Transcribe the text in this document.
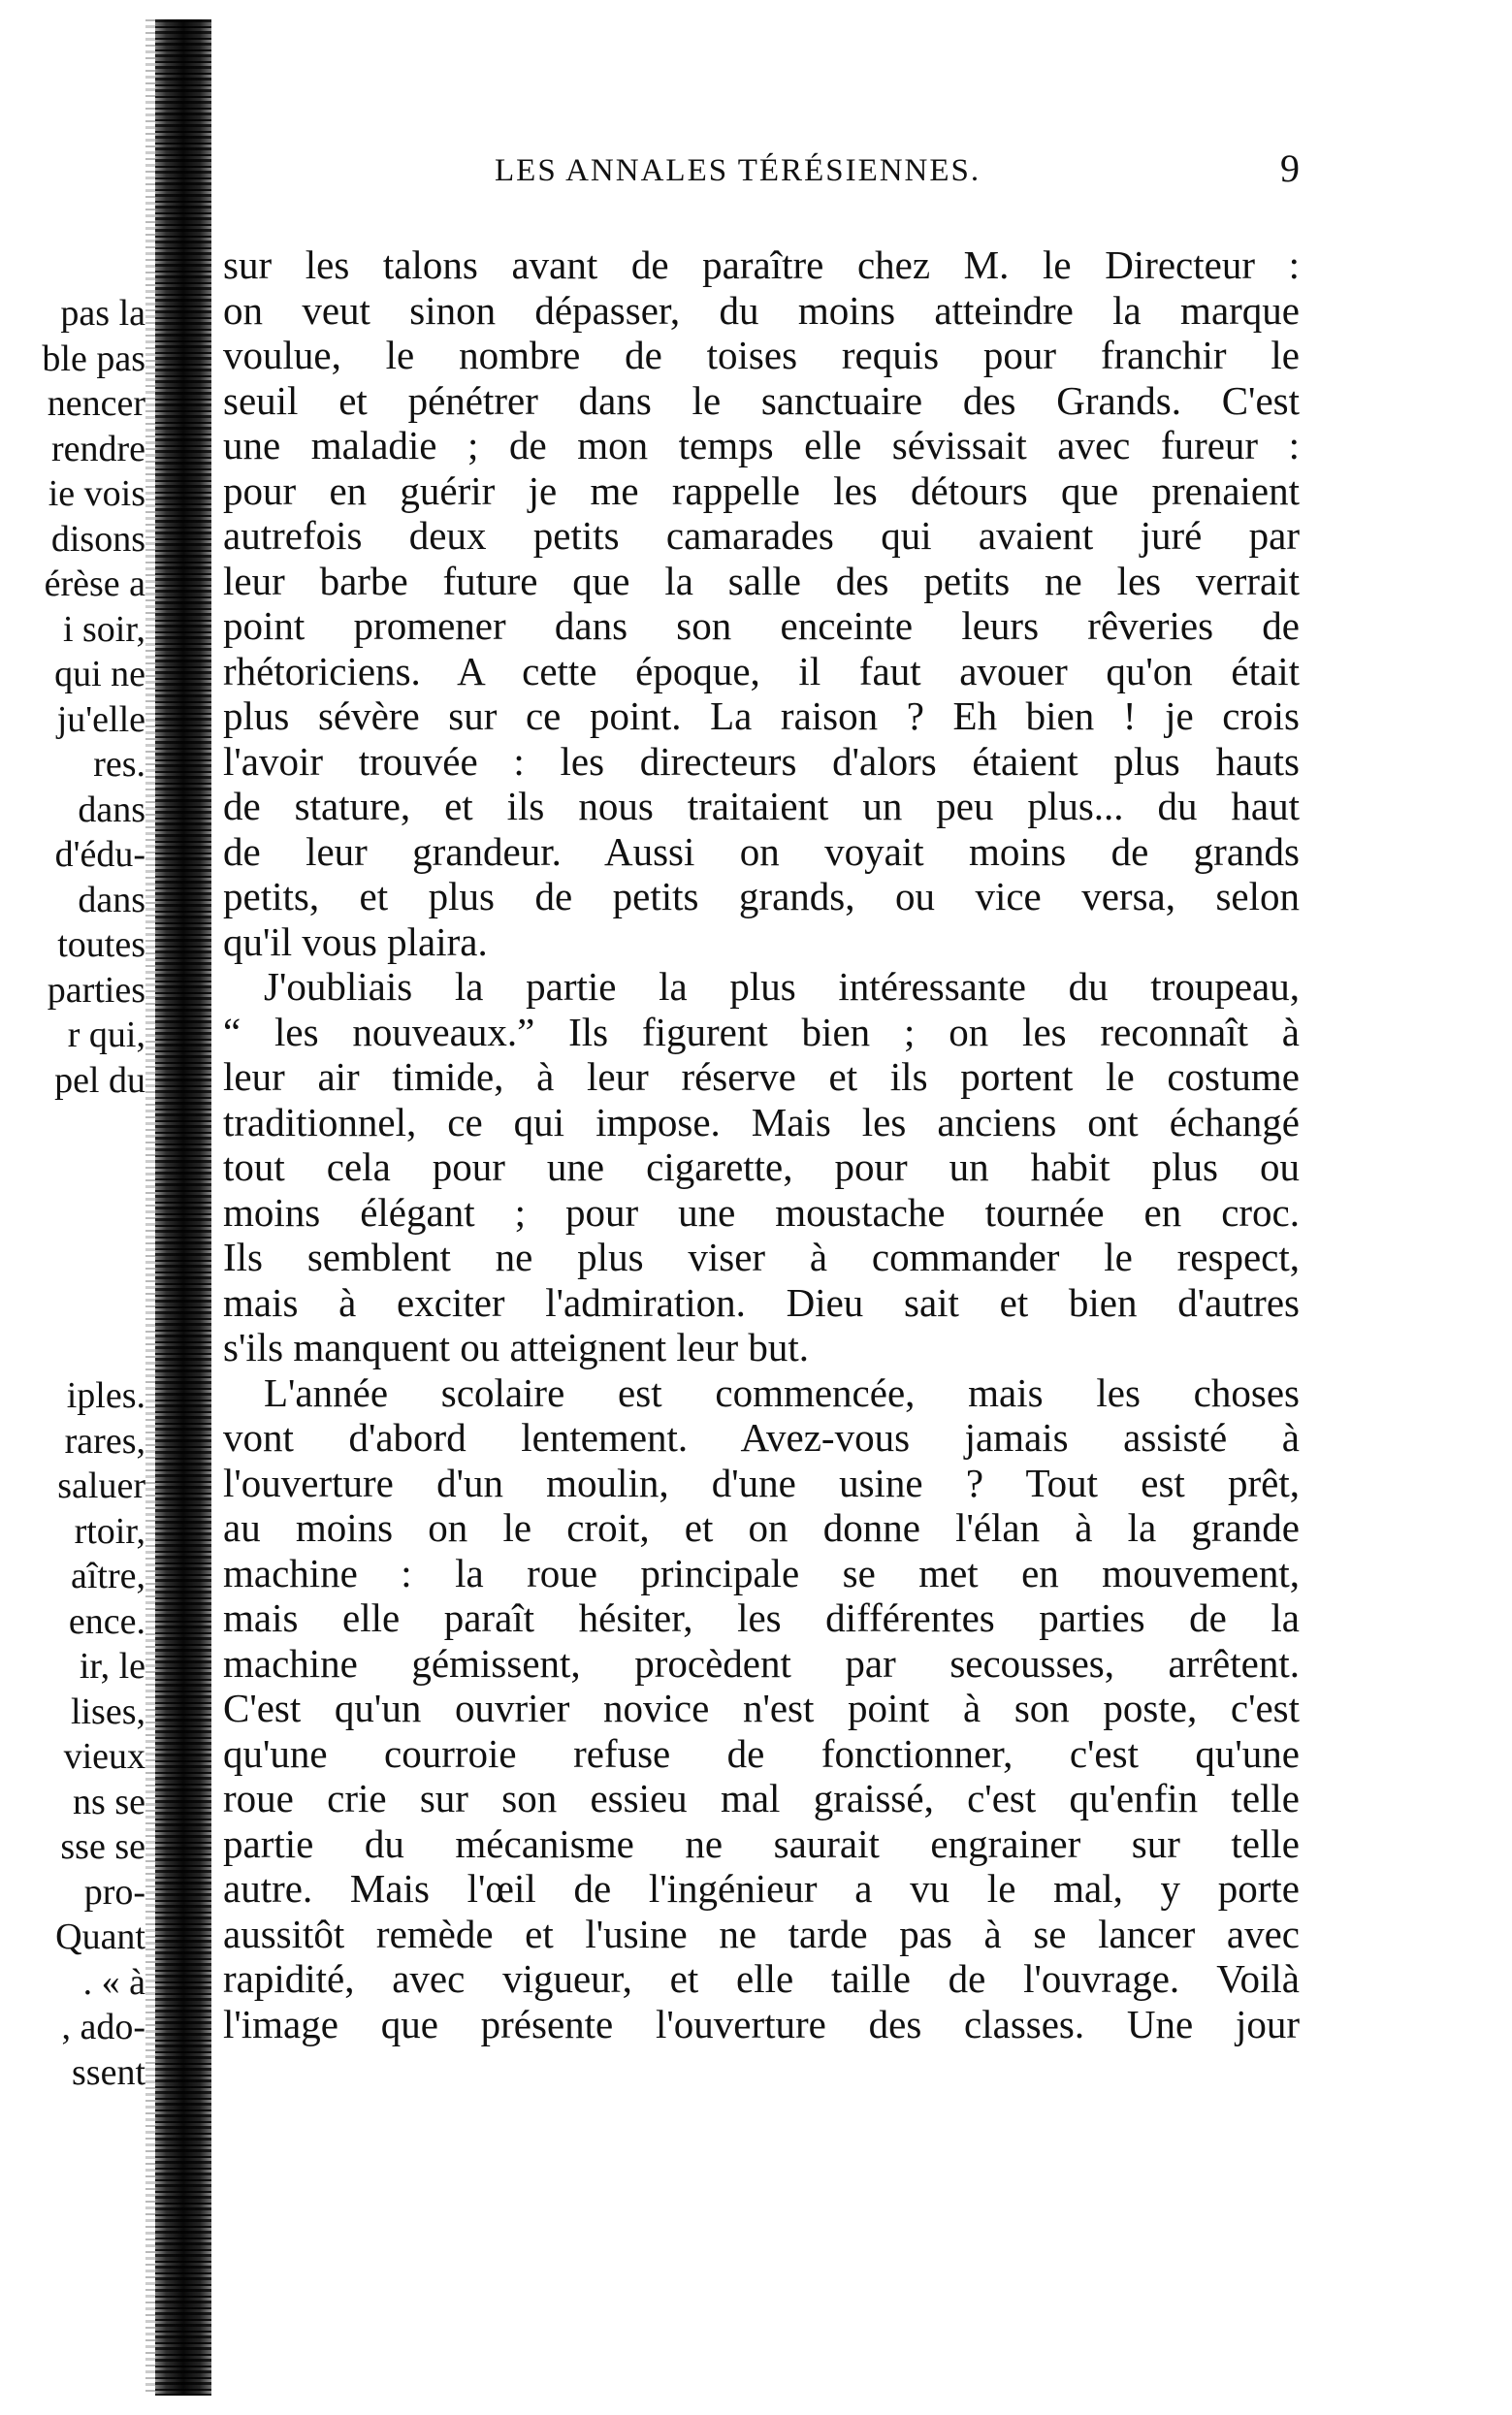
pas la
ble pas
nencer
rendre
ie vois
disons
érèse a
i soir,
qui ne
ju'elle
res.
dans
d'édu-
dans
toutes
parties
r qui,
pel du
iples.
rares,
saluer
rtoir,
aître,
ence.
ir, le
lises,
vieux
ns se
sse se
pro-
Quant
. « à
, ado-
ssent
LES ANNALES TÉRÉSIENNES.	9
sur les talons avant de paraître chez M. le Directeur :
on veut sinon dépasser, du moins atteindre la marque
voulue, le nombre de toises requis pour franchir le
seuil et pénétrer dans le sanctuaire des Grands. C'est
une maladie ; de mon temps elle sévissait avec fureur :
pour en guérir je me rappelle les détours que prenaient
autrefois deux petits camarades qui avaient juré par
leur barbe future que la salle des petits ne les verrait
point promener dans son enceinte leurs rêveries de
rhétoriciens. A cette époque, il faut avouer qu'on était
plus sévère sur ce point. La raison ? Eh bien ! je crois
l'avoir trouvée : les directeurs d'alors étaient plus hauts
de stature, et ils nous traitaient un peu plus... du haut
de leur grandeur. Aussi on voyait moins de grands
petits, et plus de petits grands, ou vice versa, selon
qu'il vous plaira.
J'oubliais la partie la plus intéressante du troupeau,
“ les nouveaux.” Ils figurent bien ; on les reconnaît à
leur air timide, à leur réserve et ils portent le costume
traditionnel, ce qui impose. Mais les anciens ont échangé
tout cela pour une cigarette, pour un habit plus ou
moins élégant ; pour une moustache tournée en croc.
Ils semblent ne plus viser à commander le respect,
mais à exciter l'admiration. Dieu sait et bien d'autres
s'ils manquent ou atteignent leur but.
L'année scolaire est commencée, mais les choses
vont d'abord lentement. Avez-vous jamais assisté à
l'ouverture d'un moulin, d'une usine ? Tout est prêt,
au moins on le croit, et on donne l'élan à la grande
machine : la roue principale se met en mouvement,
mais elle paraît hésiter, les différentes parties de la
machine gémissent, procèdent par secousses, arrêtent.
C'est qu'un ouvrier novice n'est point à son poste, c'est
qu'une courroie refuse de fonctionner, c'est qu'une
roue crie sur son essieu mal graissé, c'est qu'enfin telle
partie du mécanisme ne saurait engrainer sur telle
autre. Mais l'œil de l'ingénieur a vu le mal, y porte
aussitôt remède et l'usine ne tarde pas à se lancer avec
rapidité, avec vigueur, et elle taille de l'ouvrage. Voilà
l'image que présente l'ouverture des classes. Une jour
